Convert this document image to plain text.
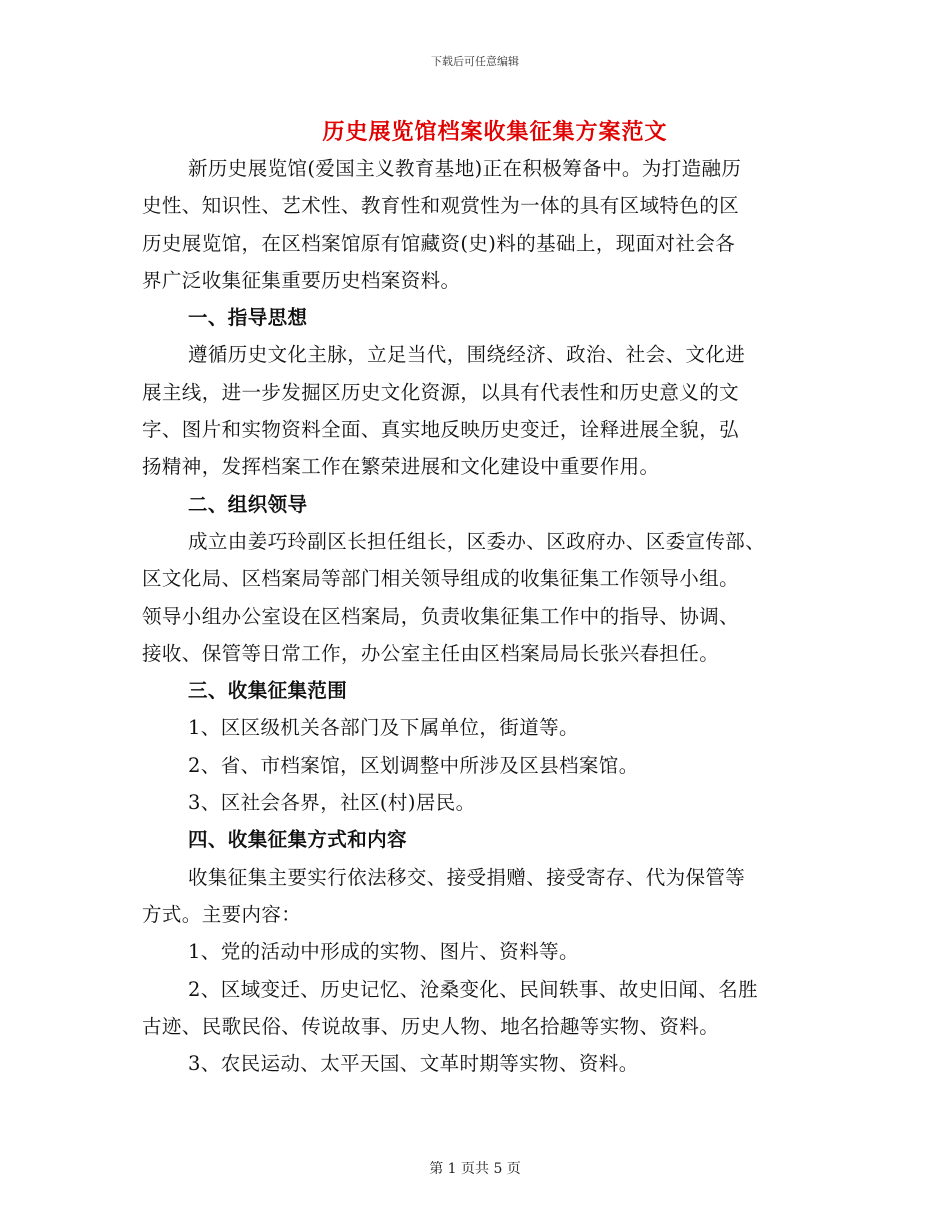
下载后可任意编辑
历史展览馆档案收集征集方案范文
新历史展览馆(爱国主义教育基地)正在积极筹备中。为打造融历
史性、知识性、艺术性、教育性和观赏性为一体的具有区域特色的区
历史展览馆，在区档案馆原有馆藏资(史)料的基础上，现面对社会各
界广泛收集征集重要历史档案资料。
一、指导思想
遵循历史文化主脉，立足当代，围绕经济、政治、社会、文化进
展主线，进一步发掘区历史文化资源，以具有代表性和历史意义的文
字、图片和实物资料全面、真实地反映历史变迁，诠释进展全貌，弘
扬精神，发挥档案工作在繁荣进展和文化建设中重要作用。
二、组织领导
成立由姜巧玲副区长担任组长，区委办、区政府办、区委宣传部、
区文化局、区档案局等部门相关领导组成的收集征集工作领导小组。
领导小组办公室设在区档案局，负责收集征集工作中的指导、协调、
接收、保管等日常工作，办公室主任由区档案局局长张兴春担任。
三、收集征集范围
1、区区级机关各部门及下属单位，街道等。
2、省、市档案馆，区划调整中所涉及区县档案馆。
3、区社会各界，社区(村)居民。
四、收集征集方式和内容
收集征集主要实行依法移交、接受捐赠、接受寄存、代为保管等
方式。主要内容：
1、党的活动中形成的实物、图片、资料等。
2、区域变迁、历史记忆、沧桑变化、民间轶事、故史旧闻、名胜
古迹、民歌民俗、传说故事、历史人物、地名拾趣等实物、资料。
3、农民运动、太平天国、文革时期等实物、资料。
第 1 页共 5 页
